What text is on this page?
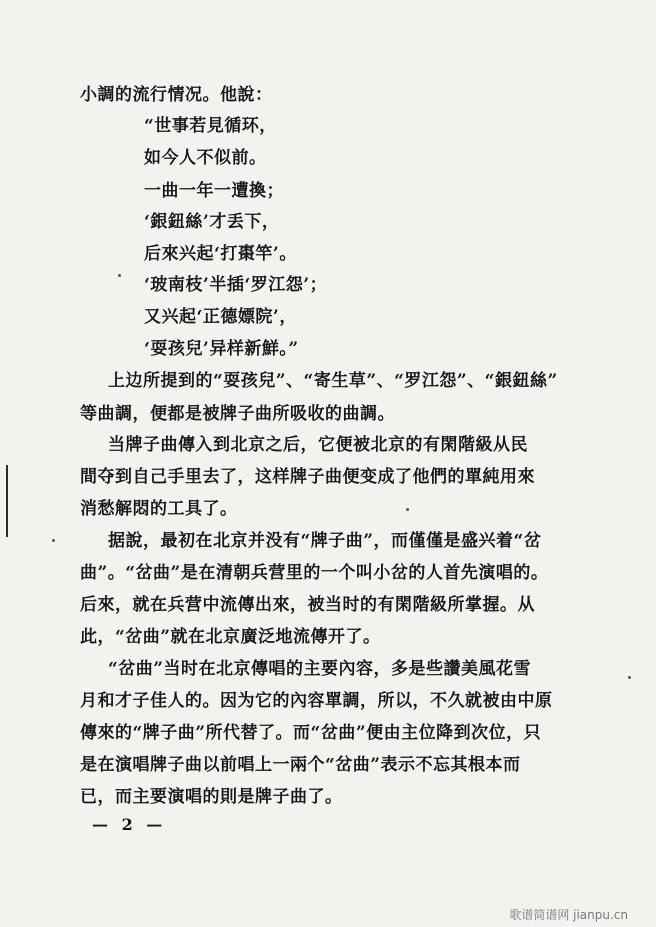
小調的流行情况。他說：
“世事若見循环，
如今人不似前。
一曲一年一遭換；
‘銀鈕絲’才丢下，
后來兴起‘打棗竿’。
‘玻南枝’半插‘罗江怨’；
又兴起‘正德嫖院’，
‘耍孩兒’异样新鮮。”
上边所提到的“耍孩兒”、“寄生草”、“罗江怨”、“銀鈕絲”
等曲調，便都是被牌子曲所吸收的曲調。
当牌子曲傳入到北京之后，它便被北京的有閑階級从民
間夺到自己手里去了，这样牌子曲便变成了他們的單純用來
消愁解悶的工具了。
据說，最初在北京并没有“牌子曲”，而僅僅是盛兴着“岔
曲”。“岔曲”是在清朝兵营里的一个叫小岔的人首先演唱的。
后來，就在兵营中流傳出來，被当时的有閑階級所掌握。从
此，“岔曲”就在北京廣泛地流傳开了。
“岔曲”当时在北京傳唱的主要內容，多是些讚美風花雪
月和才子佳人的。因为它的內容單調，所以，不久就被由中原
傳來的“牌子曲”所代替了。而“岔曲”便由主位降到次位，只
是在演唱牌子曲以前唱上一兩个“岔曲”表示不忘其根本而
已，而主要演唱的則是牌子曲了。
— 2 —
歌谱简谱网 jianpu.cn
